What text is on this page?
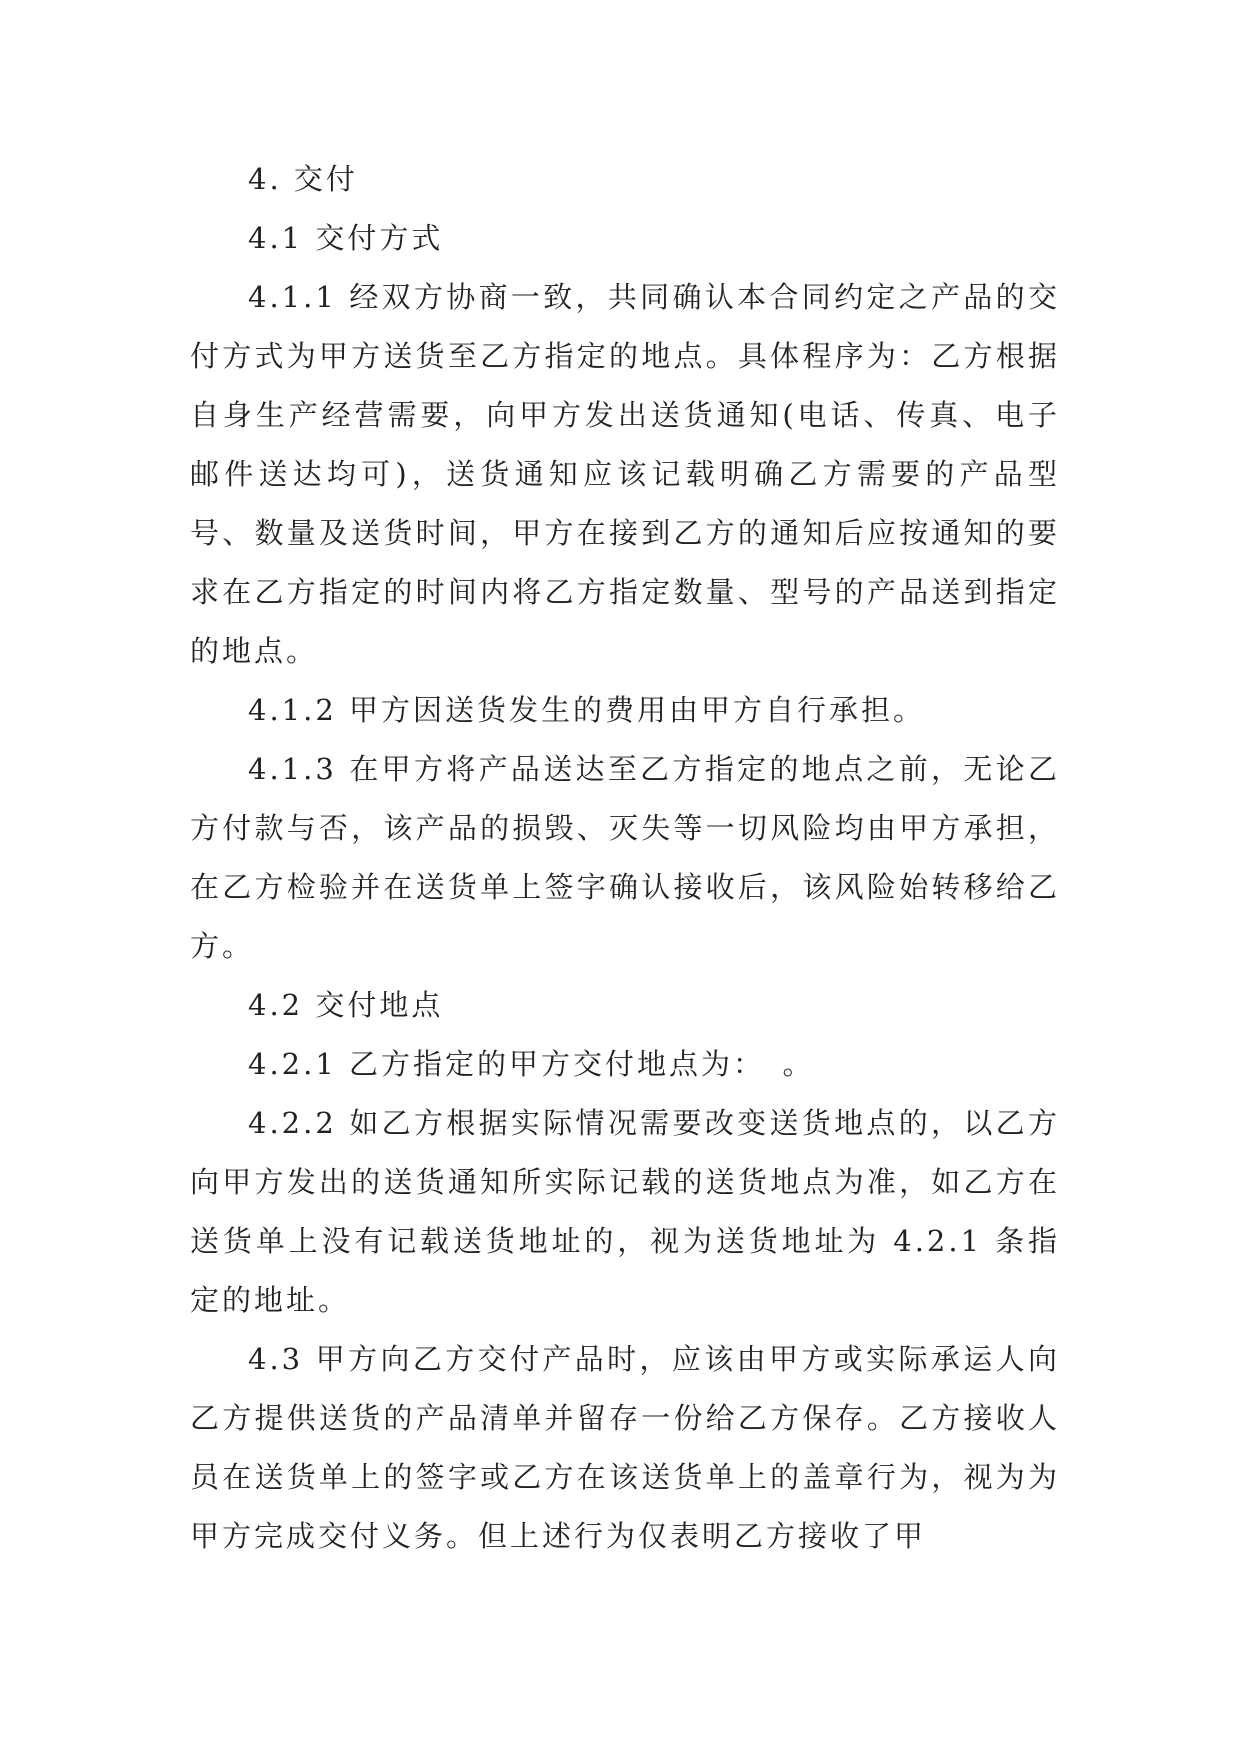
4. 交付

4.1 交付方式

4.1.1 经双方协商一致，共同确认本合同约定之产品的交付方式为甲方送货至乙方指定的地点。具体程序为：乙方根据自身生产经营需要，向甲方发出送货通知(电话、传真、电子邮件送达均可)，送货通知应该记载明确乙方需要的产品型号、数量及送货时间，甲方在接到乙方的通知后应按通知的要求在乙方指定的时间内将乙方指定数量、型号的产品送到指定的地点。

4.1.2 甲方因送货发生的费用由甲方自行承担。

4.1.3 在甲方将产品送达至乙方指定的地点之前，无论乙方付款与否，该产品的损毁、灭失等一切风险均由甲方承担，在乙方检验并在送货单上签字确认接收后，该风险始转移给乙方。

4.2 交付地点

4.2.1 乙方指定的甲方交付地点为：　。

4.2.2 如乙方根据实际情况需要改变送货地点的，以乙方向甲方发出的送货通知所实际记载的送货地点为准，如乙方在送货单上没有记载送货地址的，视为送货地址为 4.2.1 条指定的地址。

4.3 甲方向乙方交付产品时，应该由甲方或实际承运人向乙方提供送货的产品清单并留存一份给乙方保存。乙方接收人员在送货单上的签字或乙方在该送货单上的盖章行为，视为为甲方完成交付义务。但上述行为仅表明乙方接收了甲
